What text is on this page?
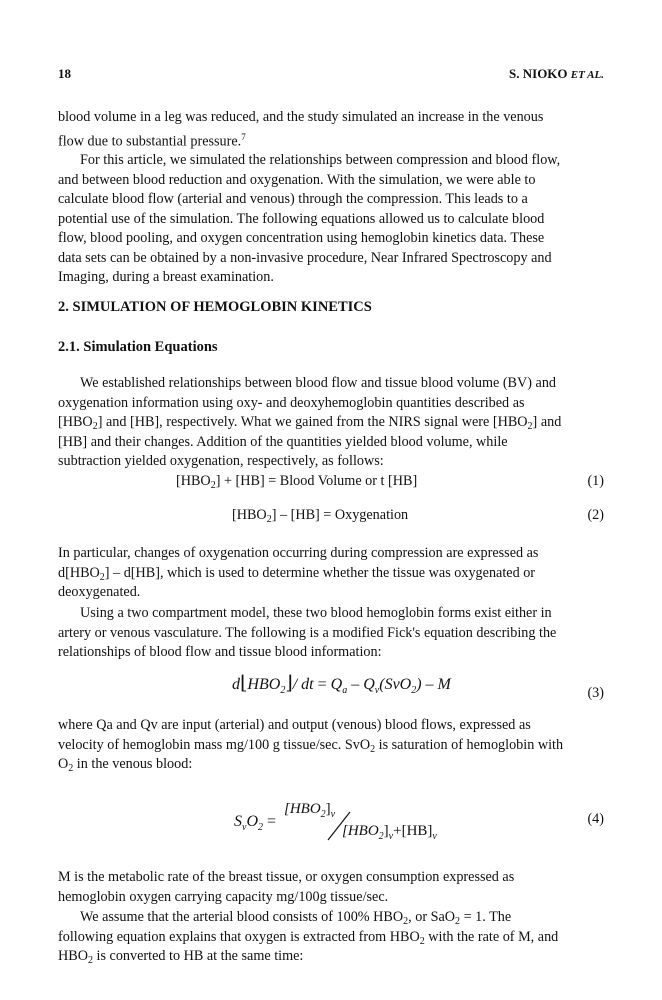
18	S. NIOKO ET AL.
blood volume in a leg was reduced, and the study simulated an increase in the venous
flow due to substantial pressure.$^7$
For this article, we simulated the relationships between compression and blood flow,
and between blood reduction and oxygenation. With the simulation, we were able to
calculate blood flow (arterial and venous) through the compression. This leads to a
potential use of the simulation. The following equations allowed us to calculate blood
flow, blood pooling, and oxygen concentration using hemoglobin kinetics data. These
data sets can be obtained by a non-invasive procedure, Near Infrared Spectroscopy and
Imaging, during a breast examination.
2. SIMULATION OF HEMOGLOBIN KINETICS
2.1. Simulation Equations
We established relationships between blood flow and tissue blood volume (BV) and
oxygenation information using oxy- and deoxyhemoglobin quantities described as
$[HBO_2]$ and [HB], respectively. What we gained from the NIRS signal were $[HBO_2]$ and
[HB] and their changes. Addition of the quantities yielded blood volume, while
subtraction yielded oxygenation, respectively, as follows:
$[HBO_2] + [HB]$ = Blood Volume or t [HB]	(1)
$[HBO_2] - [HB]$ = Oxygenation	(2)
In particular, changes of oxygenation occurring during compression are expressed as
$d[HBO_2] - d[HB]$, which is used to determine whether the tissue was oxygenated or
deoxygenated.
Using a two compartment model, these two blood hemoglobin forms exist either in
artery or venous vasculature. The following is a modified Fick's equation describing the
relationships of blood flow and tissue blood information:
$d⌊HBO_2⌋/$ dt = $Q_a - Q_v(SvO_2)$ – M	(3)
where Qa and Qv are input (arterial) and output (venous) blood flows, expressed as
velocity of hemoglobin mass mg/100 g tissue/sec. SvO$_2$ is saturation of hemoglobin with
$O_2$ in the venous blood:
$S_vO_2$ =
$[HBO_2]_v$
$[HBO_2]_v+[HB]_v$
(4)
M is the metabolic rate of the breast tissue, or oxygen consumption expressed as
hemoglobin oxygen carrying capacity mg/100g tissue/sec.
We assume that the arterial blood consists of 100% $HBO_2$, or SaO$_2$ = 1. The
following equation explains that oxygen is extracted from $HBO_2$ with the rate of M, and
$HBO_2$ is converted to HB at the same time:
